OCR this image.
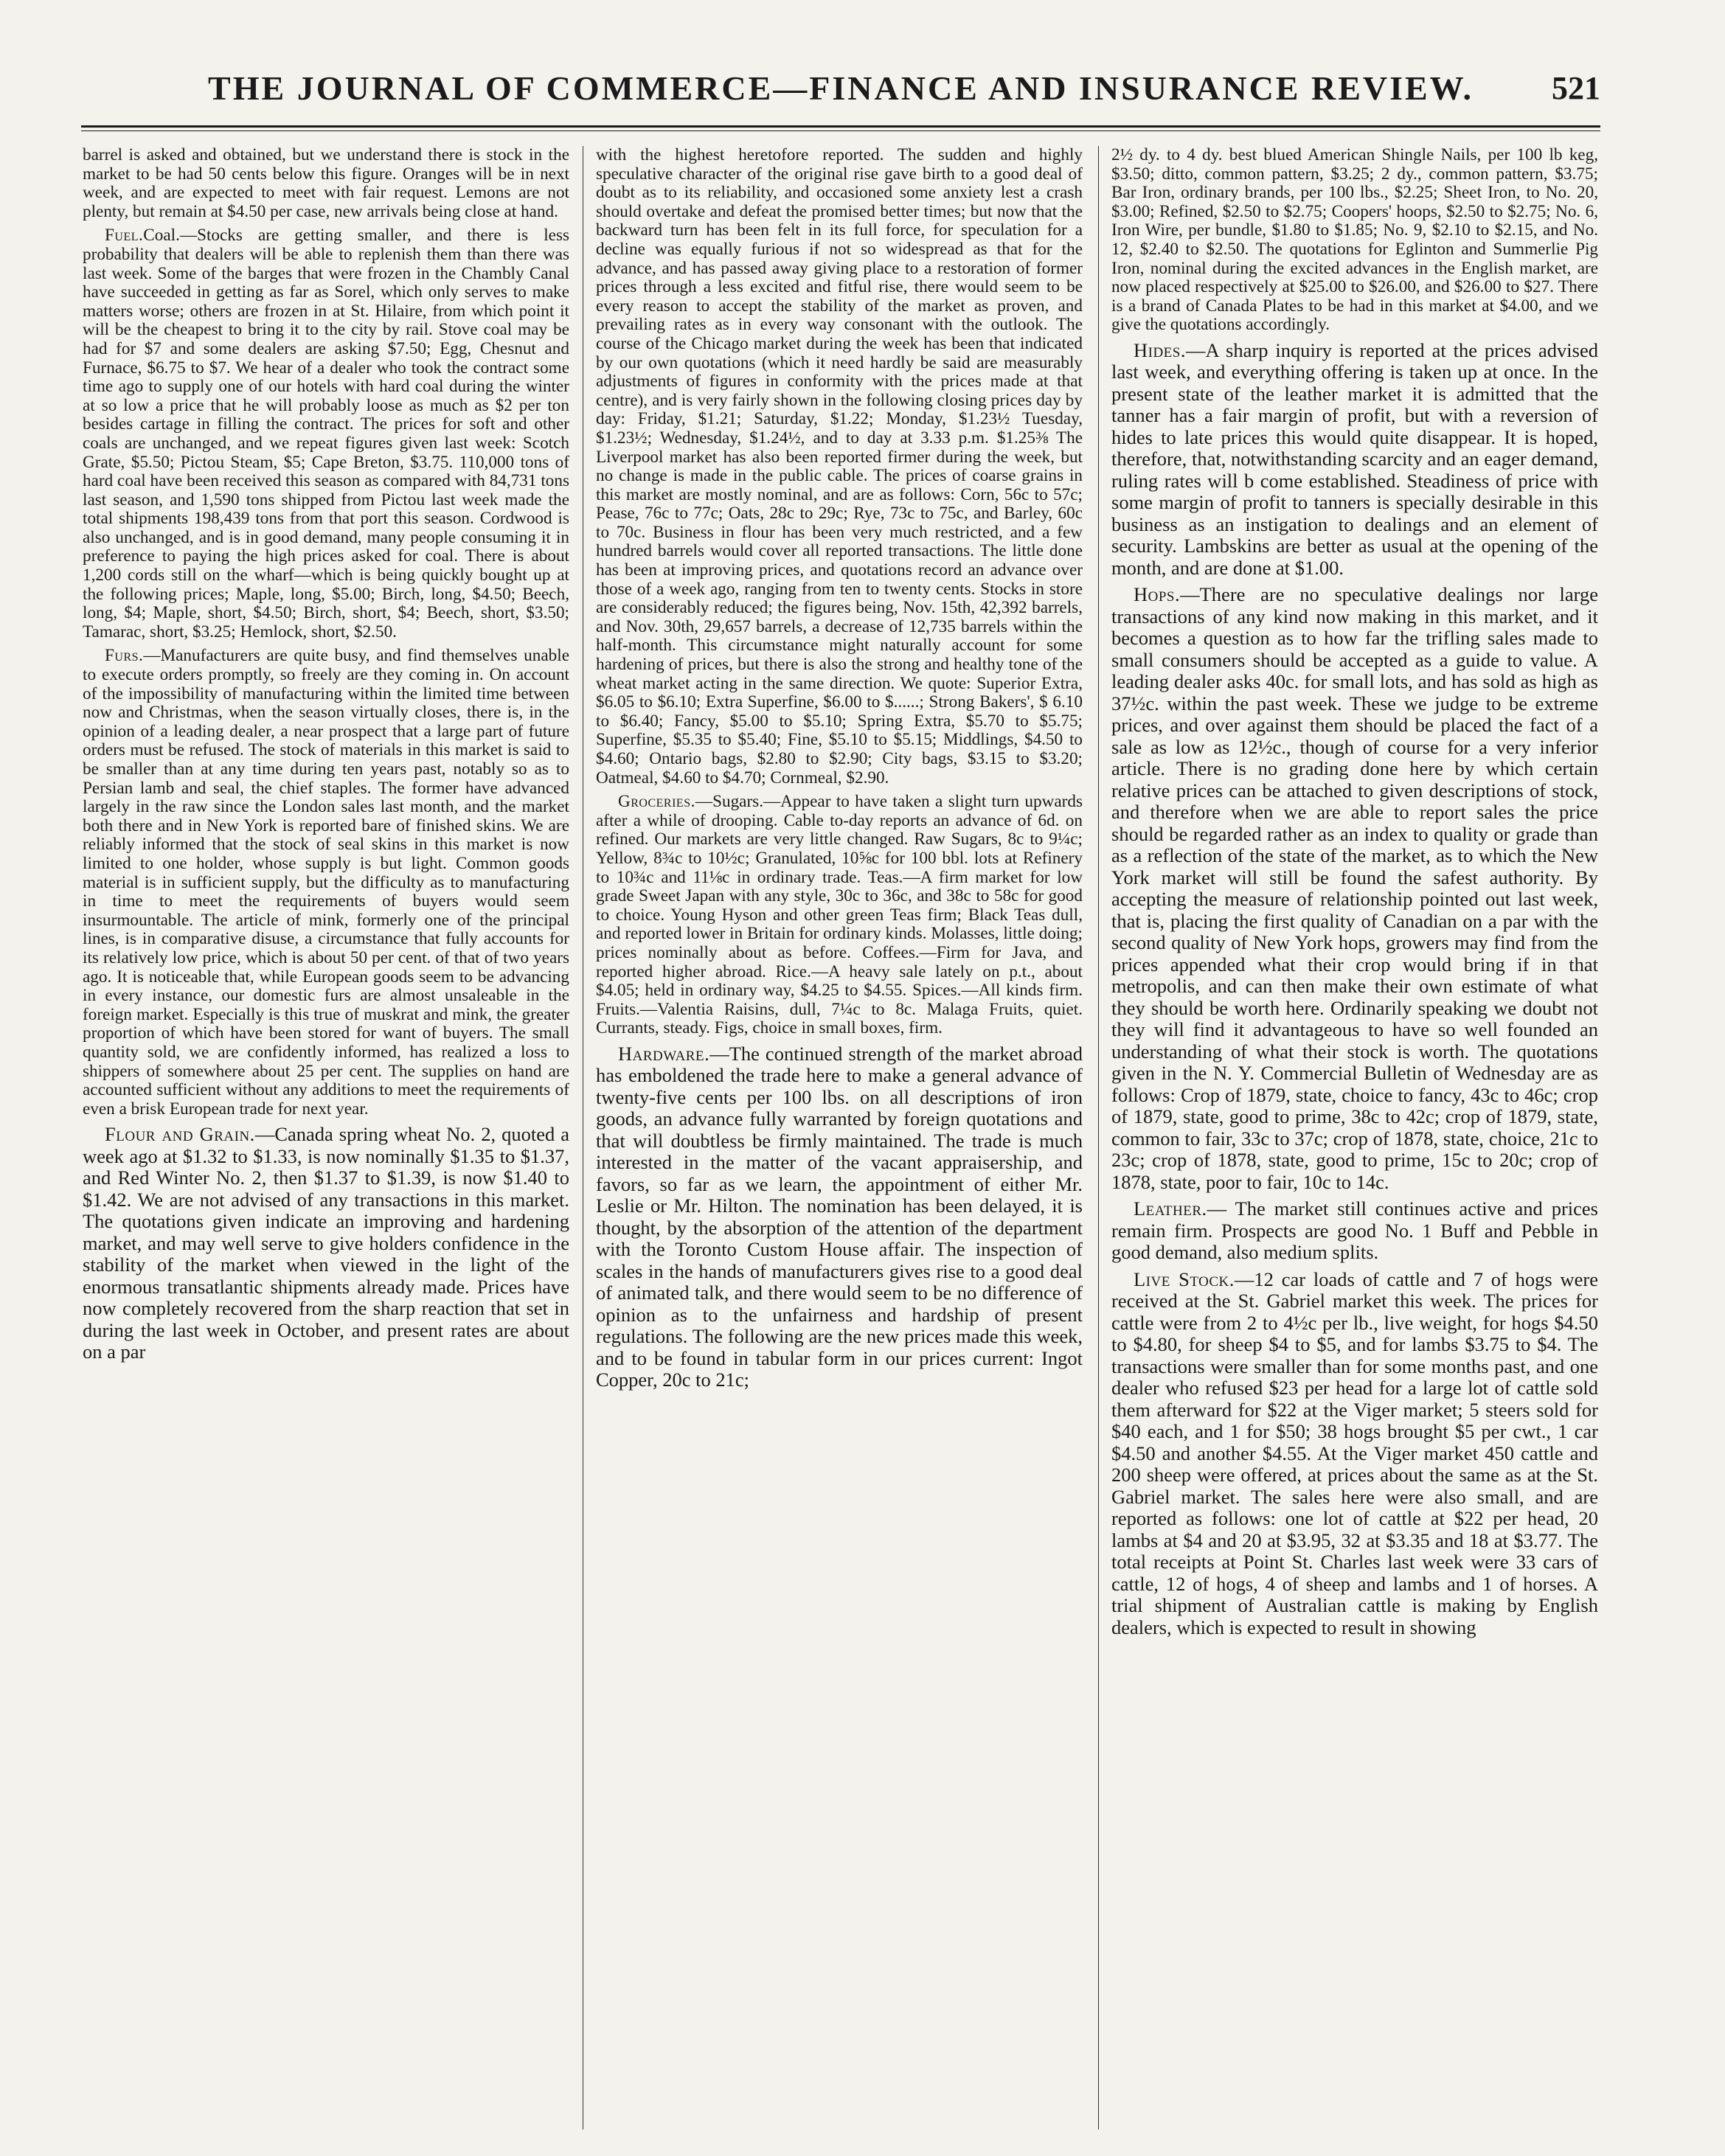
THE JOURNAL OF COMMERCE—FINANCE AND INSURANCE REVIEW.	521

barrel is asked and obtained, but we understand there is stock in the market to be had 50 cents below this figure. Oranges will be in next week, and are expected to meet with fair request. Lemons are not plenty, but remain at $4.50 per case, new arrivals being close at hand.

Fuel.Coal.—Stocks are getting smaller, and there is less probability that dealers will be able to replenish them than there was last week. Some of the barges that were frozen in the Chambly Canal have succeeded in getting as far as Sorel, which only serves to make matters worse; others are frozen in at St. Hilaire, from which point it will be the cheapest to bring it to the city by rail. Stove coal may be had for $7 and some dealers are asking $7.50; Egg, Chesnut and Furnace, $6.75 to $7. We hear of a dealer who took the contract some time ago to supply one of our hotels with hard coal during the winter at so low a price that he will probably loose as much as $2 per ton besides cartage in filling the contract. The prices for soft and other coals are unchanged, and we repeat figures given last week: Scotch Grate, $5.50; Pictou Steam, $5; Cape Breton, $3.75. 110,000 tons of hard coal have been received this season as compared with 84,731 tons last season, and 1,590 tons shipped from Pictou last week made the total shipments 198,439 tons from that port this season. Cordwood is also unchanged, and is in good demand, many people consuming it in preference to paying the high prices asked for coal. There is about 1,200 cords still on the wharf—which is being quickly bought up at the following prices; Maple, long, $5.00; Birch, long, $4.50; Beech, long, $4; Maple, short, $4.50; Birch, short, $4; Beech, short, $3.50; Tamarac, short, $3.25; Hemlock, short, $2.50.

Furs.—Manufacturers are quite busy, and find themselves unable to execute orders promptly, so freely are they coming in. On account of the impossibility of manufacturing within the limited time between now and Christmas, when the season virtually closes, there is, in the opinion of a leading dealer, a near prospect that a large part of future orders must be refused. The stock of materials in this market is said to be smaller than at any time during ten years past, notably so as to Persian lamb and seal, the chief staples. The former have advanced largely in the raw since the London sales last month, and the market both there and in New York is reported bare of finished skins. We are reliably informed that the stock of seal skins in this market is now limited to one holder, whose supply is but light. Common goods material is in sufficient supply, but the difficulty as to manufacturing in time to meet the requirements of buyers would seem insurmountable. The article of mink, formerly one of the principal lines, is in comparative disuse, a circumstance that fully accounts for its relatively low price, which is about 50 per cent. of that of two years ago. It is noticeable that, while European goods seem to be advancing in every instance, our domestic furs are almost unsaleable in the foreign market. Especially is this true of muskrat and mink, the greater proportion of which have been stored for want of buyers. The small quantity sold, we are confidently informed, has realized a loss to shippers of somewhere about 25 per cent. The supplies on hand are accounted sufficient without any additions to meet the requirements of even a brisk European trade for next year.

Flour and Grain.—Canada spring wheat No. 2, quoted a week ago at $1.32 to $1.33, is now nominally $1.35 to $1.37, and Red Winter No. 2, then $1.37 to $1.39, is now $1.40 to $1.42. We are not advised of any transactions in this market. The quotations given indicate an improving and hardening market, and may well serve to give holders confidence in the stability of the market when viewed in the light of the enormous transatlantic shipments already made. Prices have now completely recovered from the sharp reaction that set in during the last week in October, and present rates are about on a par

with the highest heretofore reported. The sudden and highly speculative character of the original rise gave birth to a good deal of doubt as to its reliability, and occasioned some anxiety lest a crash should overtake and defeat the promised better times; but now that the backward turn has been felt in its full force, for speculation for a decline was equally furious if not so widespread as that for the advance, and has passed away giving place to a restoration of former prices through a less excited and fitful rise, there would seem to be every reason to accept the stability of the market as proven, and prevailing rates as in every way consonant with the outlook. The course of the Chicago market during the week has been that indicated by our own quotations (which it need hardly be said are measurably adjustments of figures in conformity with the prices made at that centre), and is very fairly shown in the following closing prices day by day: Friday, $1.21; Saturday, $1.22; Monday, $1.23½ Tuesday, $1.23½; Wednesday, $1.24½, and to day at 3.33 p.m. $1.25⅜ The Liverpool market has also been reported firmer during the week, but no change is made in the public cable. The prices of coarse grains in this market are mostly nominal, and are as follows: Corn, 56c to 57c; Pease, 76c to 77c; Oats, 28c to 29c; Rye, 73c to 75c, and Barley, 60c to 70c. Business in flour has been very much restricted, and a few hundred barrels would cover all reported transactions. The little done has been at improving prices, and quotations record an advance over those of a week ago, ranging from ten to twenty cents. Stocks in store are considerably reduced; the figures being, Nov. 15th, 42,392 barrels, and Nov. 30th, 29,657 barrels, a decrease of 12,735 barrels within the half-month. This circumstance might naturally account for some hardening of prices, but there is also the strong and healthy tone of the wheat market acting in the same direction. We quote: Superior Extra, $6.05 to $6.10; Extra Superfine, $6.00 to $......; Strong Bakers', $ 6.10 to $6.40; Fancy, $5.00 to $5.10; Spring Extra, $5.70 to $5.75; Superfine, $5.35 to $5.40; Fine, $5.10 to $5.15; Middlings, $4.50 to $4.60; Ontario bags, $2.80 to $2.90; City bags, $3.15 to $3.20; Oatmeal, $4.60 to $4.70; Cornmeal, $2.90.

Groceries.—Sugars.—Appear to have taken a slight turn upwards after a while of drooping. Cable to-day reports an advance of 6d. on refined. Our markets are very little changed. Raw Sugars, 8c to 9¼c; Yellow, 8¾c to 10½c; Granulated, 10⅝c for 100 bbl. lots at Refinery to 10¾c and 11⅛c in ordinary trade. Teas.—A firm market for low grade Sweet Japan with any style, 30c to 36c, and 38c to 58c for good to choice. Young Hyson and other green Teas firm; Black Teas dull, and reported lower in Britain for ordinary kinds. Molasses, little doing; prices nominally about as before. Coffees.—Firm for Java, and reported higher abroad. Rice.—A heavy sale lately on p.t., about $4.05; held in ordinary way, $4.25 to $4.55. Spices.—All kinds firm. Fruits.—Valentia Raisins, dull, 7¼c to 8c. Malaga Fruits, quiet. Currants, steady. Figs, choice in small boxes, firm.

Hardware.—The continued strength of the market abroad has emboldened the trade here to make a general advance of twenty-five cents per 100 lbs. on all descriptions of iron goods, an advance fully warranted by foreign quotations and that will doubtless be firmly maintained. The trade is much interested in the matter of the vacant appraisership, and favors, so far as we learn, the appointment of either Mr. Leslie or Mr. Hilton. The nomination has been delayed, it is thought, by the absorption of the attention of the department with the Toronto Custom House affair. The inspection of scales in the hands of manufacturers gives rise to a good deal of animated talk, and there would seem to be no difference of opinion as to the unfairness and hardship of present regulations. The following are the new prices made this week, and to be found in tabular form in our prices current: Ingot Copper, 20c to 21c;

2½ dy. to 4 dy. best blued American Shingle Nails, per 100 lb keg, $3.50; ditto, common pattern, $3.25; 2 dy., common pattern, $3.75; Bar Iron, ordinary brands, per 100 lbs., $2.25; Sheet Iron, to No. 20, $3.00; Refined, $2.50 to $2.75; Coopers' hoops, $2.50 to $2.75; No. 6, Iron Wire, per bundle, $1.80 to $1.85; No. 9, $2.10 to $2.15, and No. 12, $2.40 to $2.50. The quotations for Eglinton and Summerlie Pig Iron, nominal during the excited advances in the English market, are now placed respectively at $25.00 to $26.00, and $26.00 to $27. There is a brand of Canada Plates to be had in this market at $4.00, and we give the quotations accordingly.

Hides.—A sharp inquiry is reported at the prices advised last week, and everything offering is taken up at once. In the present state of the leather market it is admitted that the tanner has a fair margin of profit, but with a reversion of hides to late prices this would quite disappear. It is hoped, therefore, that, notwithstanding scarcity and an eager demand, ruling rates will b come established. Steadiness of price with some margin of profit to tanners is specially desirable in this business as an instigation to dealings and an element of security. Lambskins are better as usual at the opening of the month, and are done at $1.00.

Hops.—There are no speculative dealings nor large transactions of any kind now making in this market, and it becomes a question as to how far the trifling sales made to small consumers should be accepted as a guide to value. A leading dealer asks 40c. for small lots, and has sold as high as 37½c. within the past week. These we judge to be extreme prices, and over against them should be placed the fact of a sale as low as 12½c., though of course for a very inferior article. There is no grading done here by which certain relative prices can be attached to given descriptions of stock, and therefore when we are able to report sales the price should be regarded rather as an index to quality or grade than as a reflection of the state of the market, as to which the New York market will still be found the safest authority. By accepting the measure of relationship pointed out last week, that is, placing the first quality of Canadian on a par with the second quality of New York hops, growers may find from the prices appended what their crop would bring if in that metropolis, and can then make their own estimate of what they should be worth here. Ordinarily speaking we doubt not they will find it advantageous to have so well founded an understanding of what their stock is worth. The quotations given in the N. Y. Commercial Bulletin of Wednesday are as follows: Crop of 1879, state, choice to fancy, 43c to 46c; crop of 1879, state, good to prime, 38c to 42c; crop of 1879, state, common to fair, 33c to 37c; crop of 1878, state, choice, 21c to 23c; crop of 1878, state, good to prime, 15c to 20c; crop of 1878, state, poor to fair, 10c to 14c.

Leather.— The market still continues active and prices remain firm. Prospects are good No. 1 Buff and Pebble in good demand, also medium splits.

Live Stock.—12 car loads of cattle and 7 of hogs were received at the St. Gabriel market this week. The prices for cattle were from 2 to 4½c per lb., live weight, for hogs $4.50 to $4.80, for sheep $4 to $5, and for lambs $3.75 to $4. The transactions were smaller than for some months past, and one dealer who refused $23 per head for a large lot of cattle sold them afterward for $22 at the Viger market; 5 steers sold for $40 each, and 1 for $50; 38 hogs brought $5 per cwt., 1 car $4.50 and another $4.55. At the Viger market 450 cattle and 200 sheep were offered, at prices about the same as at the St. Gabriel market. The sales here were also small, and are reported as follows: one lot of cattle at $22 per head, 20 lambs at $4 and 20 at $3.95, 32 at $3.35 and 18 at $3.77. The total receipts at Point St. Charles last week were 33 cars of cattle, 12 of hogs, 4 of sheep and lambs and 1 of horses. A trial shipment of Australian cattle is making by English dealers, which is expected to result in showing
